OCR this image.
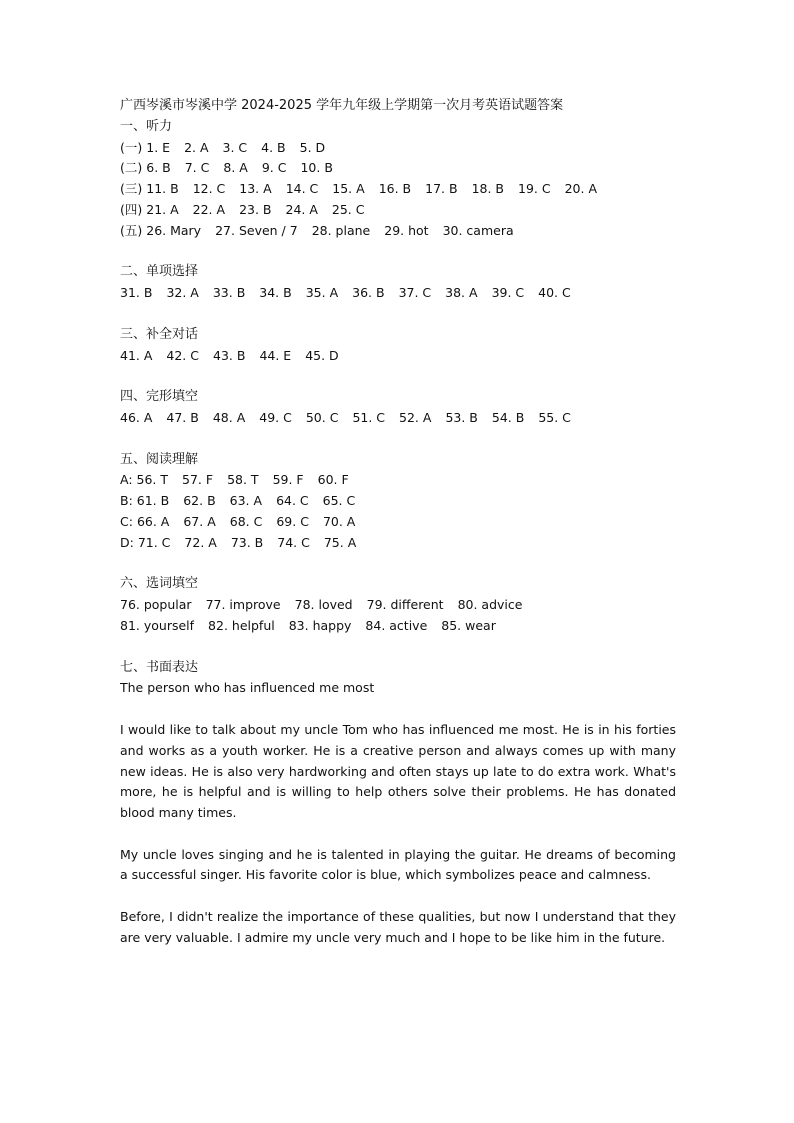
广西岑溪市岑溪中学 2024-2025 学年九年级上学期第一次月考英语试题答案
一、听力
(一) 1. E 2. A 3. C 4. B 5. D
(二) 6. B 7. C 8. A 9. C 10. B
(三) 11. B 12. C 13. A 14. C 15. A 16. B 17. B 18. B 19. C 20. A
(四) 21. A 22. A 23. B 24. A 25. C
(五) 26. Mary 27. Seven / 7 28. plane 29. hot 30. camera
二、单项选择
31. B 32. A 33. B 34. B 35. A 36. B 37. C 38. A 39. C 40. C
三、补全对话
41. A 42. C 43. B 44. E 45. D
四、完形填空
46. A 47. B 48. A 49. C 50. C 51. C 52. A 53. B 54. B 55. C
五、阅读理解
A: 56. T 57. F 58. T 59. F 60. F
B: 61. B 62. B 63. A 64. C 65. C
C: 66. A 67. A 68. C 69. C 70. A
D: 71. C 72. A 73. B 74. C 75. A
六、选词填空
76. popular 77. improve 78. loved 79. different 80. advice
81. yourself 82. helpful 83. happy 84. active 85. wear
七、书面表达
The person who has influenced me most
I would like to talk about my uncle Tom who has influenced me most. He is in his forties and works as a youth worker. He is a creative person and always comes up with many new ideas. He is also very hardworking and often stays up late to do extra work. What's more, he is helpful and is willing to help others solve their problems. He has donated blood many times.
My uncle loves singing and he is talented in playing the guitar. He dreams of becoming a successful singer. His favorite color is blue, which symbolizes peace and calmness.
Before, I didn't realize the importance of these qualities, but now I understand that they are very valuable. I admire my uncle very much and I hope to be like him in the future.
